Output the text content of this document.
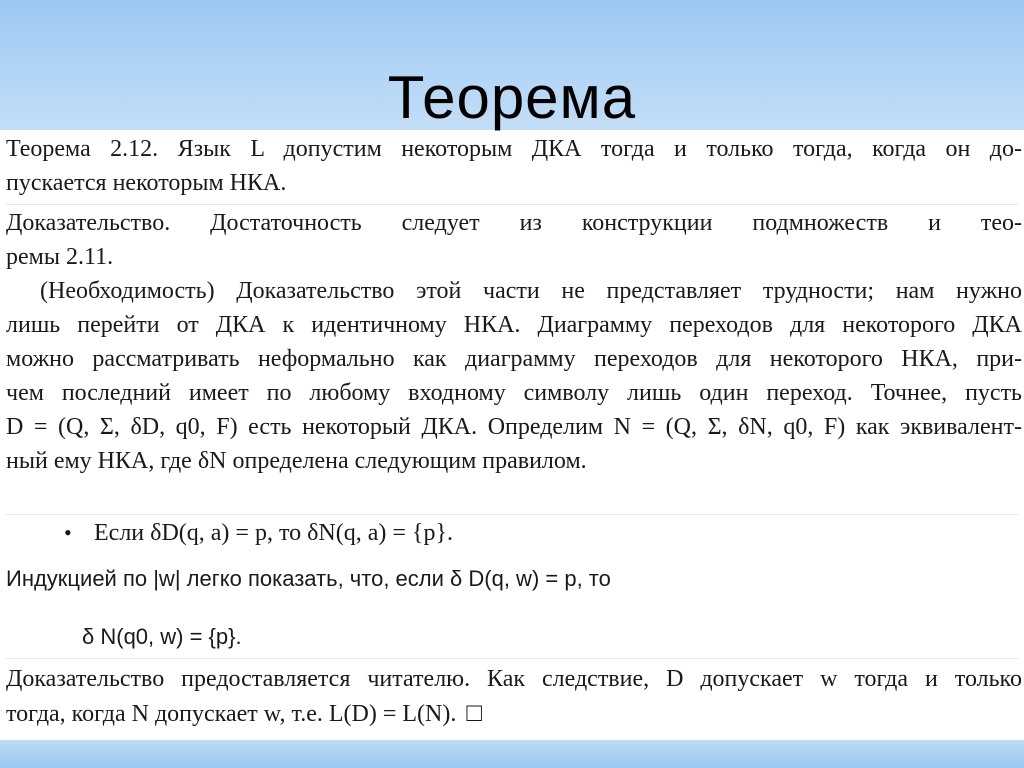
Теорема

Теорема 2.12. Язык L допустим некоторым ДКА тогда и только тогда, когда он до-

пускается некоторым НКА.

Доказательство. Достаточность следует из конструкции подмножеств и тео-

ремы 2.11.

(Необходимость) Доказательство этой части не представляет трудности; нам нужно

лишь перейти от ДКА к идентичному НКА. Диаграмму переходов для некоторого ДКА

можно рассматривать неформально как диаграмму переходов для некоторого НКА, при-

чем последний имеет по любому входному символу лишь один переход. Точнее, пусть

D = (Q, Σ, δD, q0, F) есть некоторый ДКА. Определим N = (Q, Σ, δN, q0, F) как эквивалент-

ный ему НКА, где δN определена следующим правилом.

• Если δD(q, a) = p, то δN(q, a) = {p}.
Индукцией по |w| легко показать, что, если δ D(q, w) = p, то
δ N(q0, w) = {p}.

Доказательство предоставляется читателю. Как следствие, D допускает w тогда и только

тогда, когда N допускает w, т.е. L(D) = L(N). □
